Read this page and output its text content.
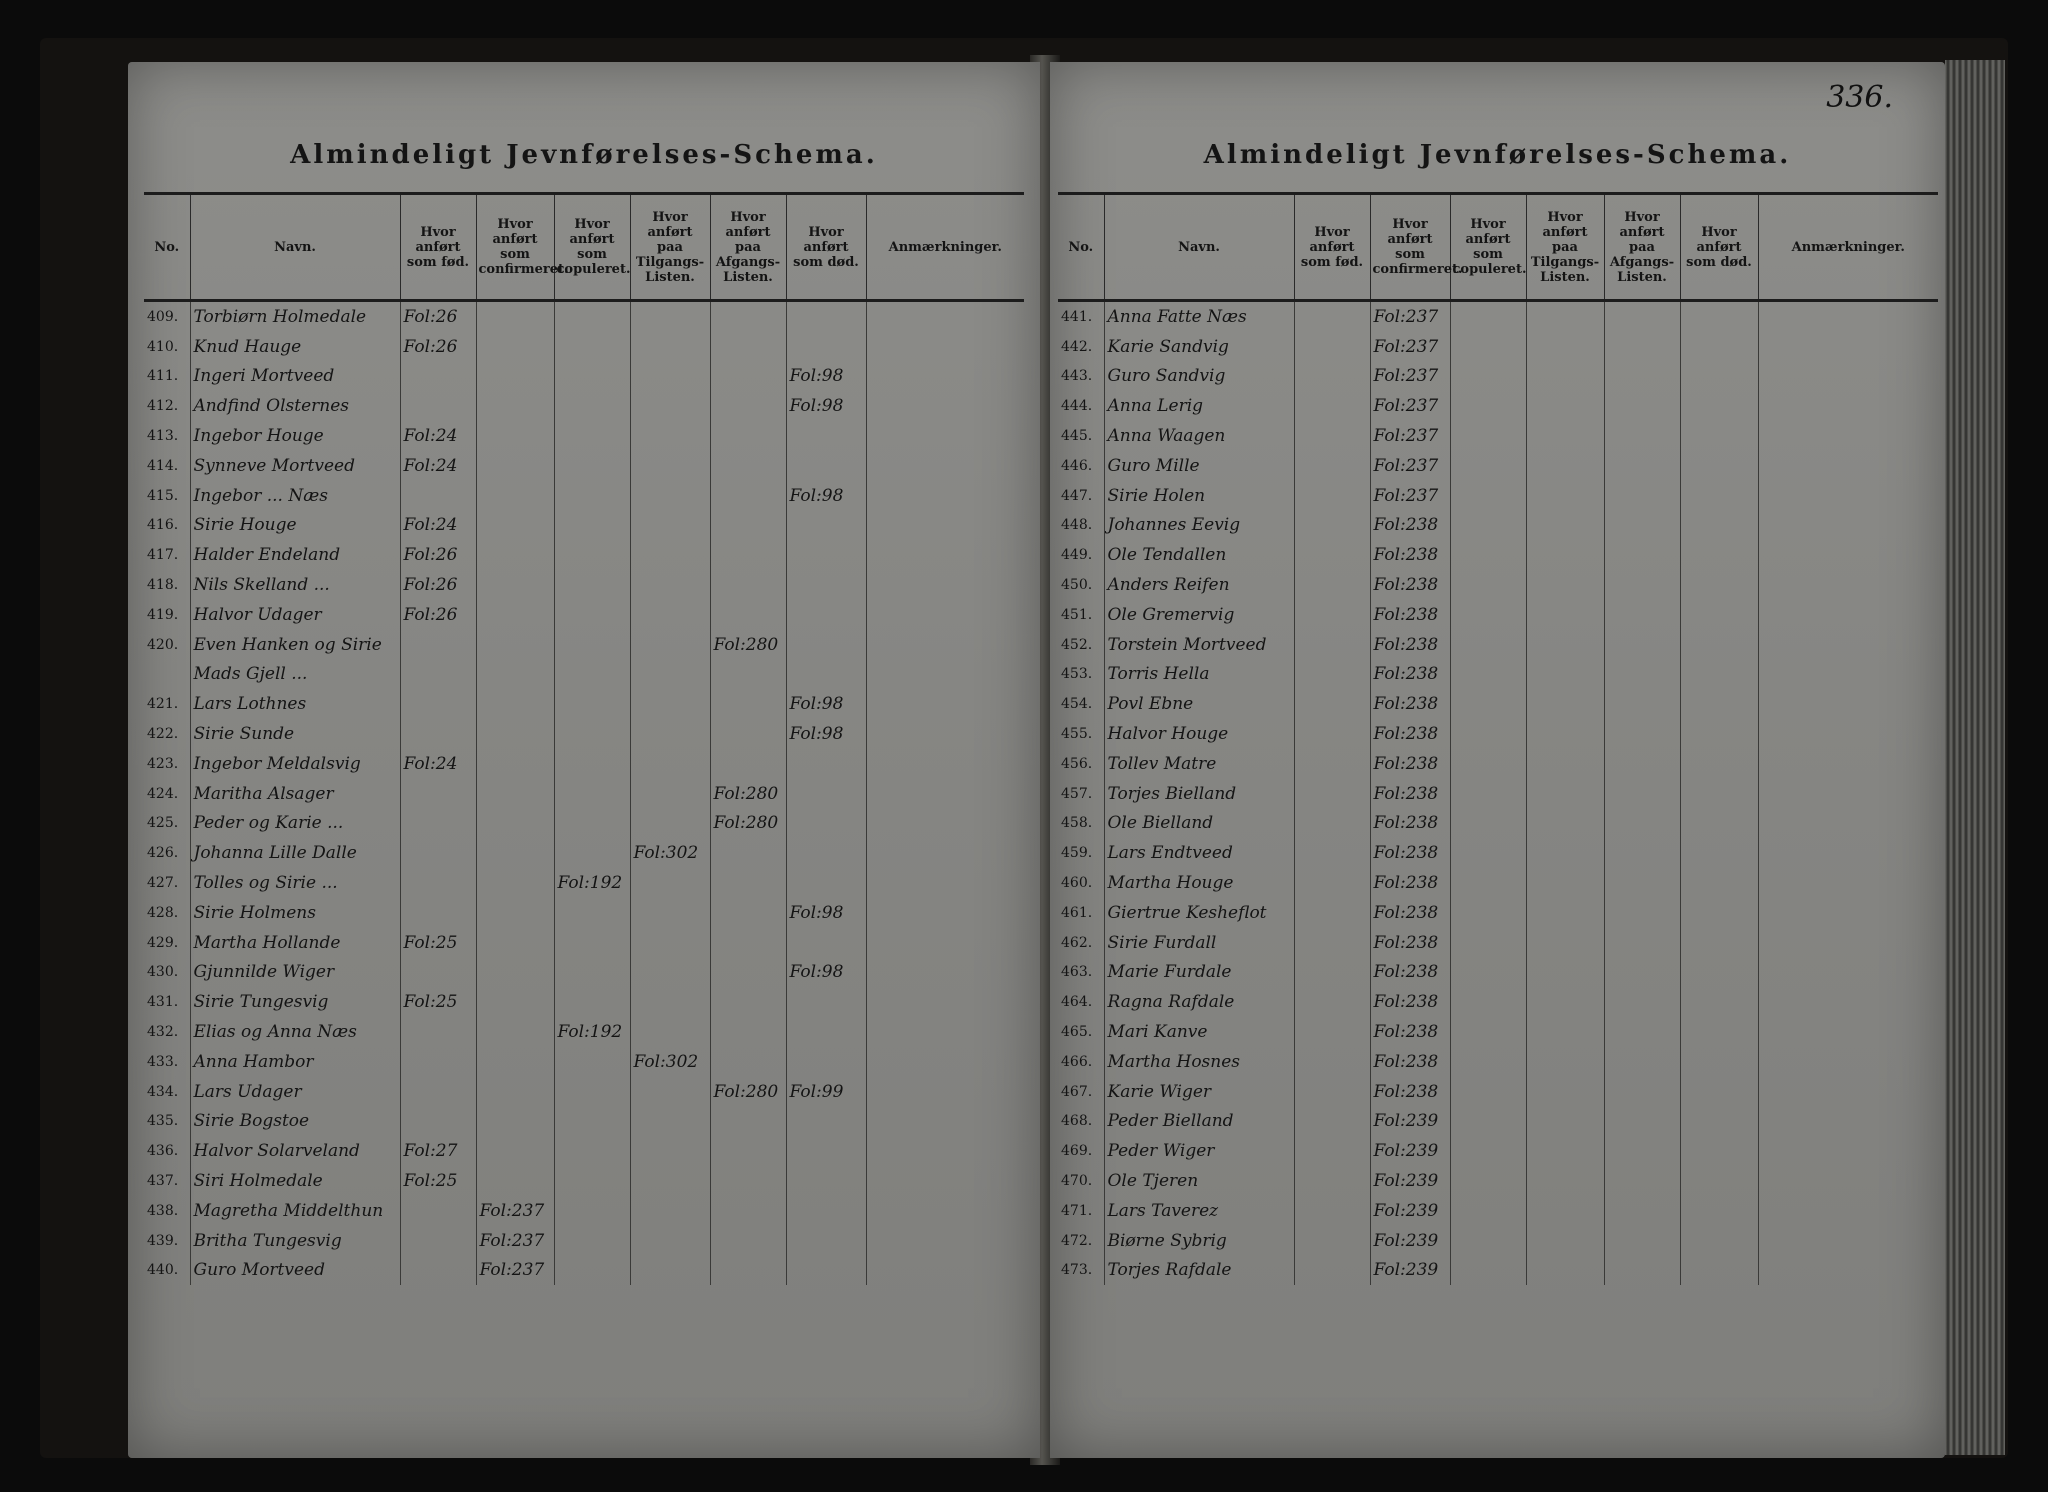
Almindeligt Jevnførelses-Schema.
No.	Navn.	Hvor anført som fød.	Hvor anført som confirmeret.	Hvor anført som copuleret.	Hvor anført paa Tilgangs-Listen.	Hvor anført paa Afgangs-Listen.	Hvor anført som død.	Anmærkninger.
409.	Torbiørn Holmedale	Fol:26						
410.	Knud Hauge	Fol:26						
411.	Ingeri Mortveed						Fol:98	
412.	Andfind Olsternes						Fol:98	
413.	Ingebor Houge	Fol:24						
414.	Synneve Mortveed	Fol:24						
415.	Ingebor ... Næs						Fol:98	
416.	Sirie Houge	Fol:24						
417.	Halder Endeland	Fol:26						
418.	Nils Skelland ...	Fol:26						
419.	Halvor Udager	Fol:26						
420.	Even Hanken og Sirie					Fol:280		
	Mads Gjell ...							
421.	Lars Lothnes						Fol:98	
422.	Sirie Sunde						Fol:98	
423.	Ingebor Meldalsvig	Fol:24						
424.	Maritha Alsager					Fol:280		
425.	Peder og Karie ...					Fol:280		
426.	Johanna Lille Dalle				Fol:302			
427.	Tolles og Sirie ...			Fol:192				
428.	Sirie Holmens						Fol:98	
429.	Martha Hollande	Fol:25						
430.	Gjunnilde Wiger						Fol:98	
431.	Sirie Tungesvig	Fol:25						
432.	Elias og Anna Næs			Fol:192				
433.	Anna Hambor				Fol:302			
434.	Lars Udager					Fol:280	Fol:99	
435.	Sirie Bogstoe							
436.	Halvor Solarveland	Fol:27						
437.	Siri Holmedale	Fol:25						
438.	Magretha Middelthun		Fol:237					
439.	Britha Tungesvig		Fol:237					
440.	Guro Mortveed		Fol:237					
336.
Almindeligt Jevnførelses-Schema.
No.	Navn.	Hvor anført som fød.	Hvor anført som confirmeret.	Hvor anført som copuleret.	Hvor anført paa Tilgangs-Listen.	Hvor anført paa Afgangs-Listen.	Hvor anført som død.	Anmærkninger.
441.	Anna Fatte Næs		Fol:237					
442.	Karie Sandvig		Fol:237					
443.	Guro Sandvig		Fol:237					
444.	Anna Lerig		Fol:237					
445.	Anna Waagen		Fol:237					
446.	Guro Mille		Fol:237					
447.	Sirie Holen		Fol:237					
448.	Johannes Eevig		Fol:238					
449.	Ole Tendallen		Fol:238					
450.	Anders Reifen		Fol:238					
451.	Ole Gremervig		Fol:238					
452.	Torstein Mortveed		Fol:238					
453.	Torris Hella		Fol:238					
454.	Povl Ebne		Fol:238					
455.	Halvor Houge		Fol:238					
456.	Tollev Matre		Fol:238					
457.	Torjes Bielland		Fol:238					
458.	Ole Bielland		Fol:238					
459.	Lars Endtveed		Fol:238					
460.	Martha Houge		Fol:238					
461.	Giertrue Kesheflot		Fol:238					
462.	Sirie Furdall		Fol:238					
463.	Marie Furdale		Fol:238					
464.	Ragna Rafdale		Fol:238					
465.	Mari Kanve		Fol:238					
466.	Martha Hosnes		Fol:238					
467.	Karie Wiger		Fol:238					
468.	Peder Bielland		Fol:239					
469.	Peder Wiger		Fol:239					
470.	Ole Tjeren		Fol:239					
471.	Lars Taverez		Fol:239					
472.	Biørne Sybrig		Fol:239					
473.	Torjes Rafdale		Fol:239					
